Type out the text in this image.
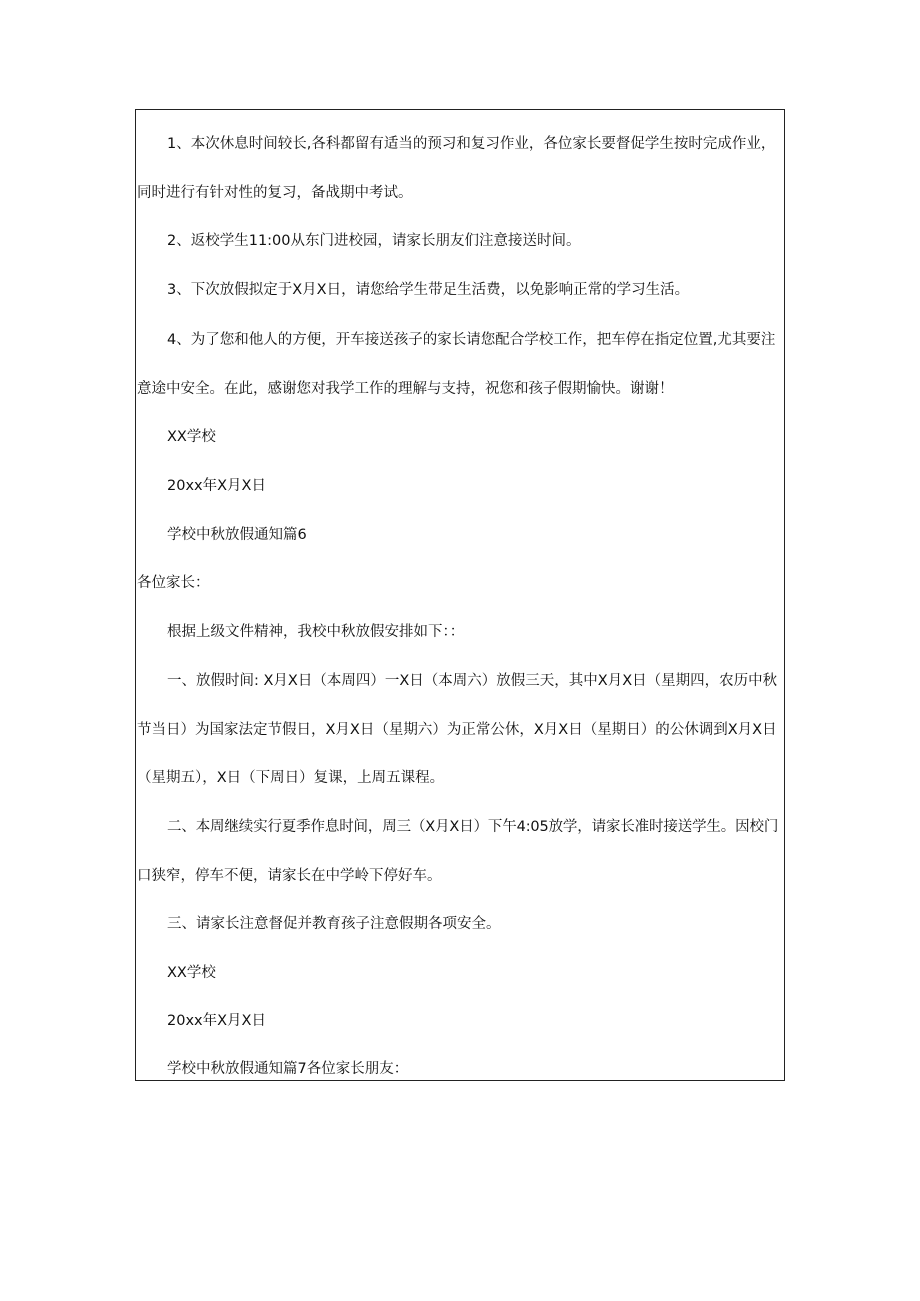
1、本次休息时间较长,各科都留有适当的预习和复习作业，各位家长要督促学生按时完成作业，
同时进行有针对性的复习，备战期中考试。
2、返校学生11:00从东门进校园，请家长朋友们注意接送时间。
3、下次放假拟定于X月X日，请您给学生带足生活费，以免影响正常的学习生活。
4、为了您和他人的方便，开车接送孩子的家长请您配合学校工作，把车停在指定位置,尤其要注
意途中安全。在此，感谢您对我学工作的理解与支持，祝您和孩子假期愉快。谢谢！
XX学校
20xx年X月X日
学校中秋放假通知篇6
各位家长：
根据上级文件精神，我校中秋放假安排如下：：
一、放假时间: X月X日（本周四）一X日（本周六）放假三天，其中X月X日（星期四，农历中秋
节当日）为国家法定节假日，X月X日（星期六）为正常公休，X月X日（星期日）的公休调到X月X日
（星期五），X日（下周日）复课，上周五课程。
二、本周继续实行夏季作息时间，周三（X月X日）下午4:05放学，请家长准时接送学生。因校门
口狭窄，停车不便，请家长在中学岭下停好车。
三、请家长注意督促并教育孩子注意假期各项安全。
XX学校
20xx年X月X日
学校中秋放假通知篇7各位家长朋友：
